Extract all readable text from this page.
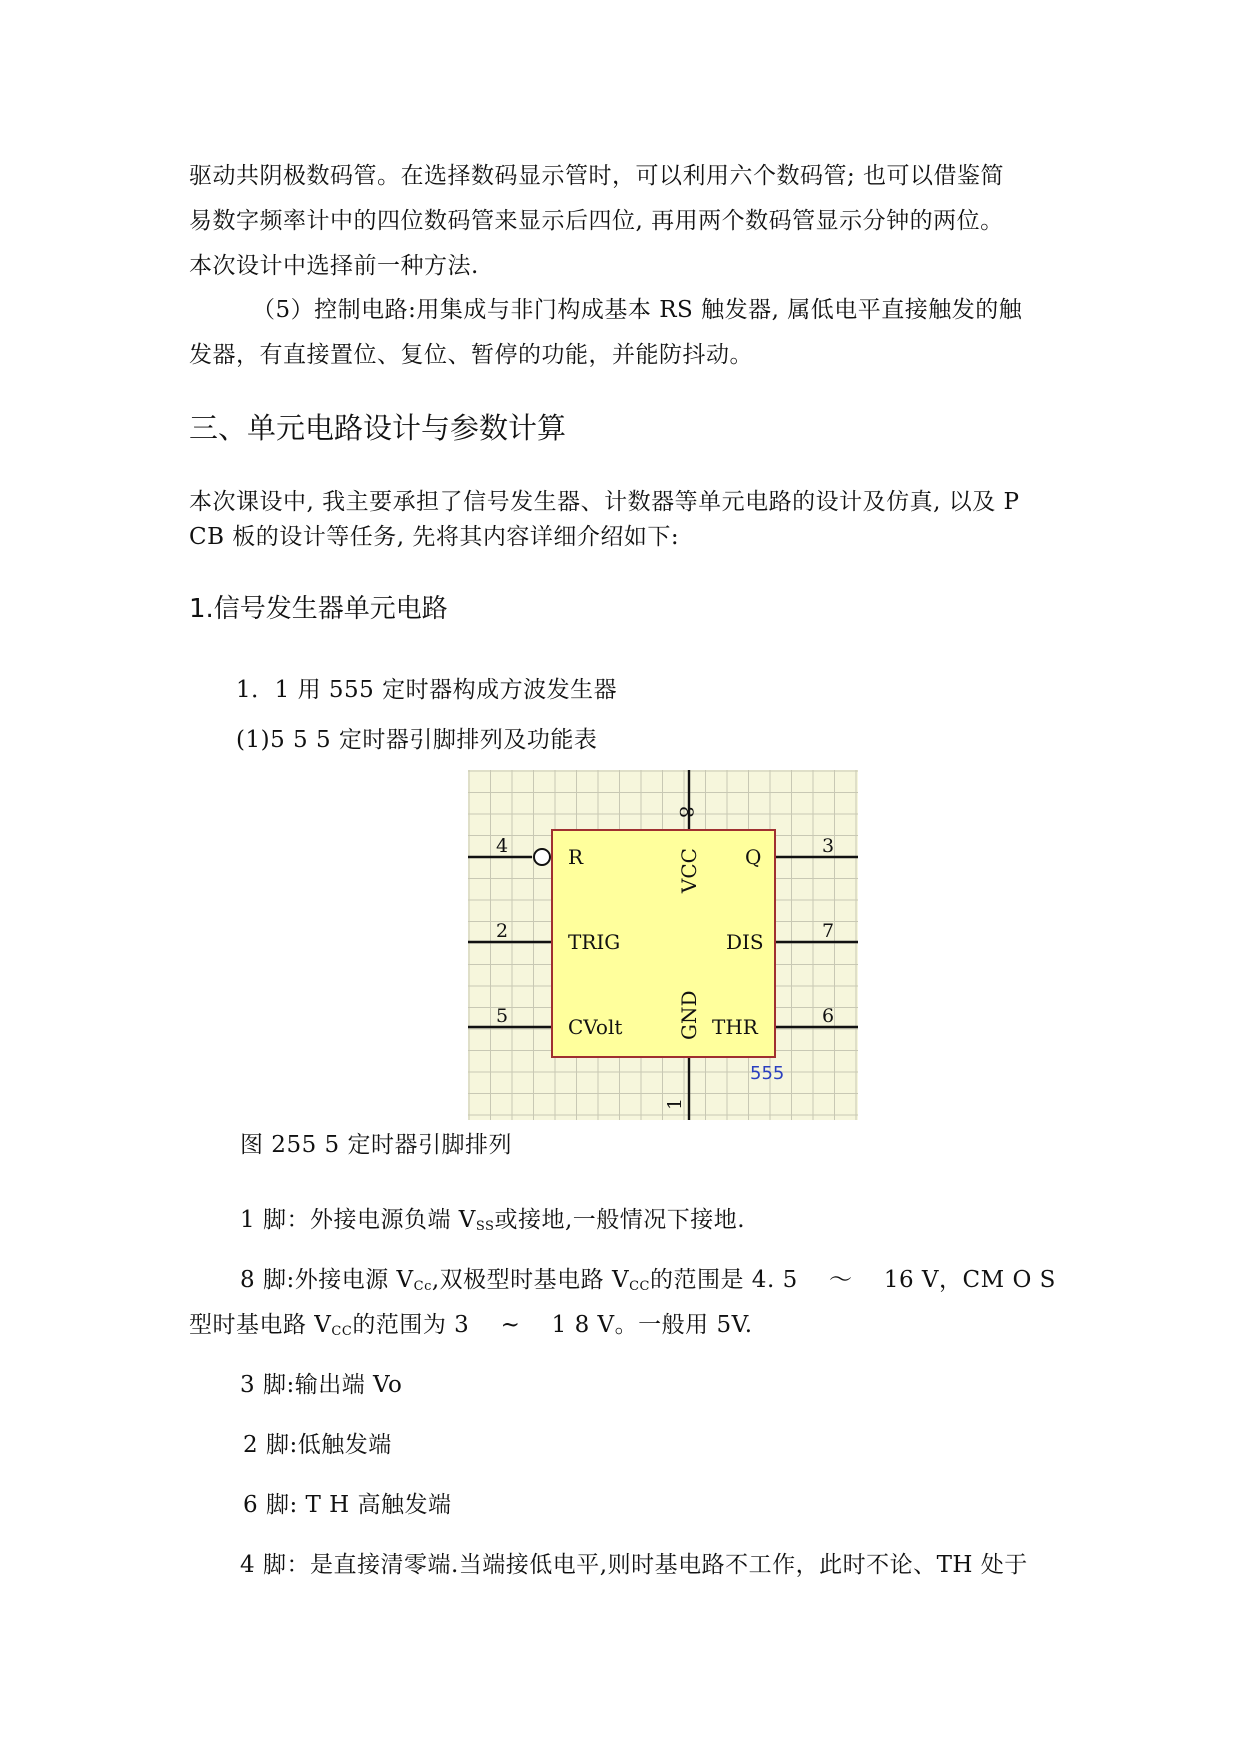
驱动共阴极数码管。在选择数码显示管时，可以利用六个数码管; 也可以借鉴简
易数字频率计中的四位数码管来显示后四位, 再用两个数码管显示分钟的两位。
本次设计中选择前一种方法.
（5）控制电路:用集成与非门构成基本 RS 触发器, 属低电平直接触发的触
发器，有直接置位、复位、暂停的功能，并能防抖动。
三、单元电路设计与参数计算
本次课设中, 我主要承担了信号发生器、计数器等单元电路的设计及仿真, 以及 P
CB 板的设计等任务, 先将其内容详细介绍如下:
1.信号发生器单元电路
1．1 用 555 定时器构成方波发生器
(1)5 5 5 定时器引脚排列及功能表
8
4	3
2	7
5	6
1
R	Q
VCC
TRIG	DIS
CVolt	GND THR
555
图 255 5 定时器引脚排列
1 脚：外接电源负端 $V_{SS}$或接地,一般情况下接地.
8 脚:外接电源 $V_{Cc}$,双极型时基电路 $V_{CC}$的范围是 4. 5 　～ 　16 V，CM O S
型时基电路 $V_{CC}$的范围为 3 　~ 　1 8 V。一般用 5V.
3 脚:输出端 Vo
2 脚:低触发端
6 脚: T H 高触发端
4 脚：是直接清零端.当端接低电平,则时基电路不工作，此时不论、TH 处于
